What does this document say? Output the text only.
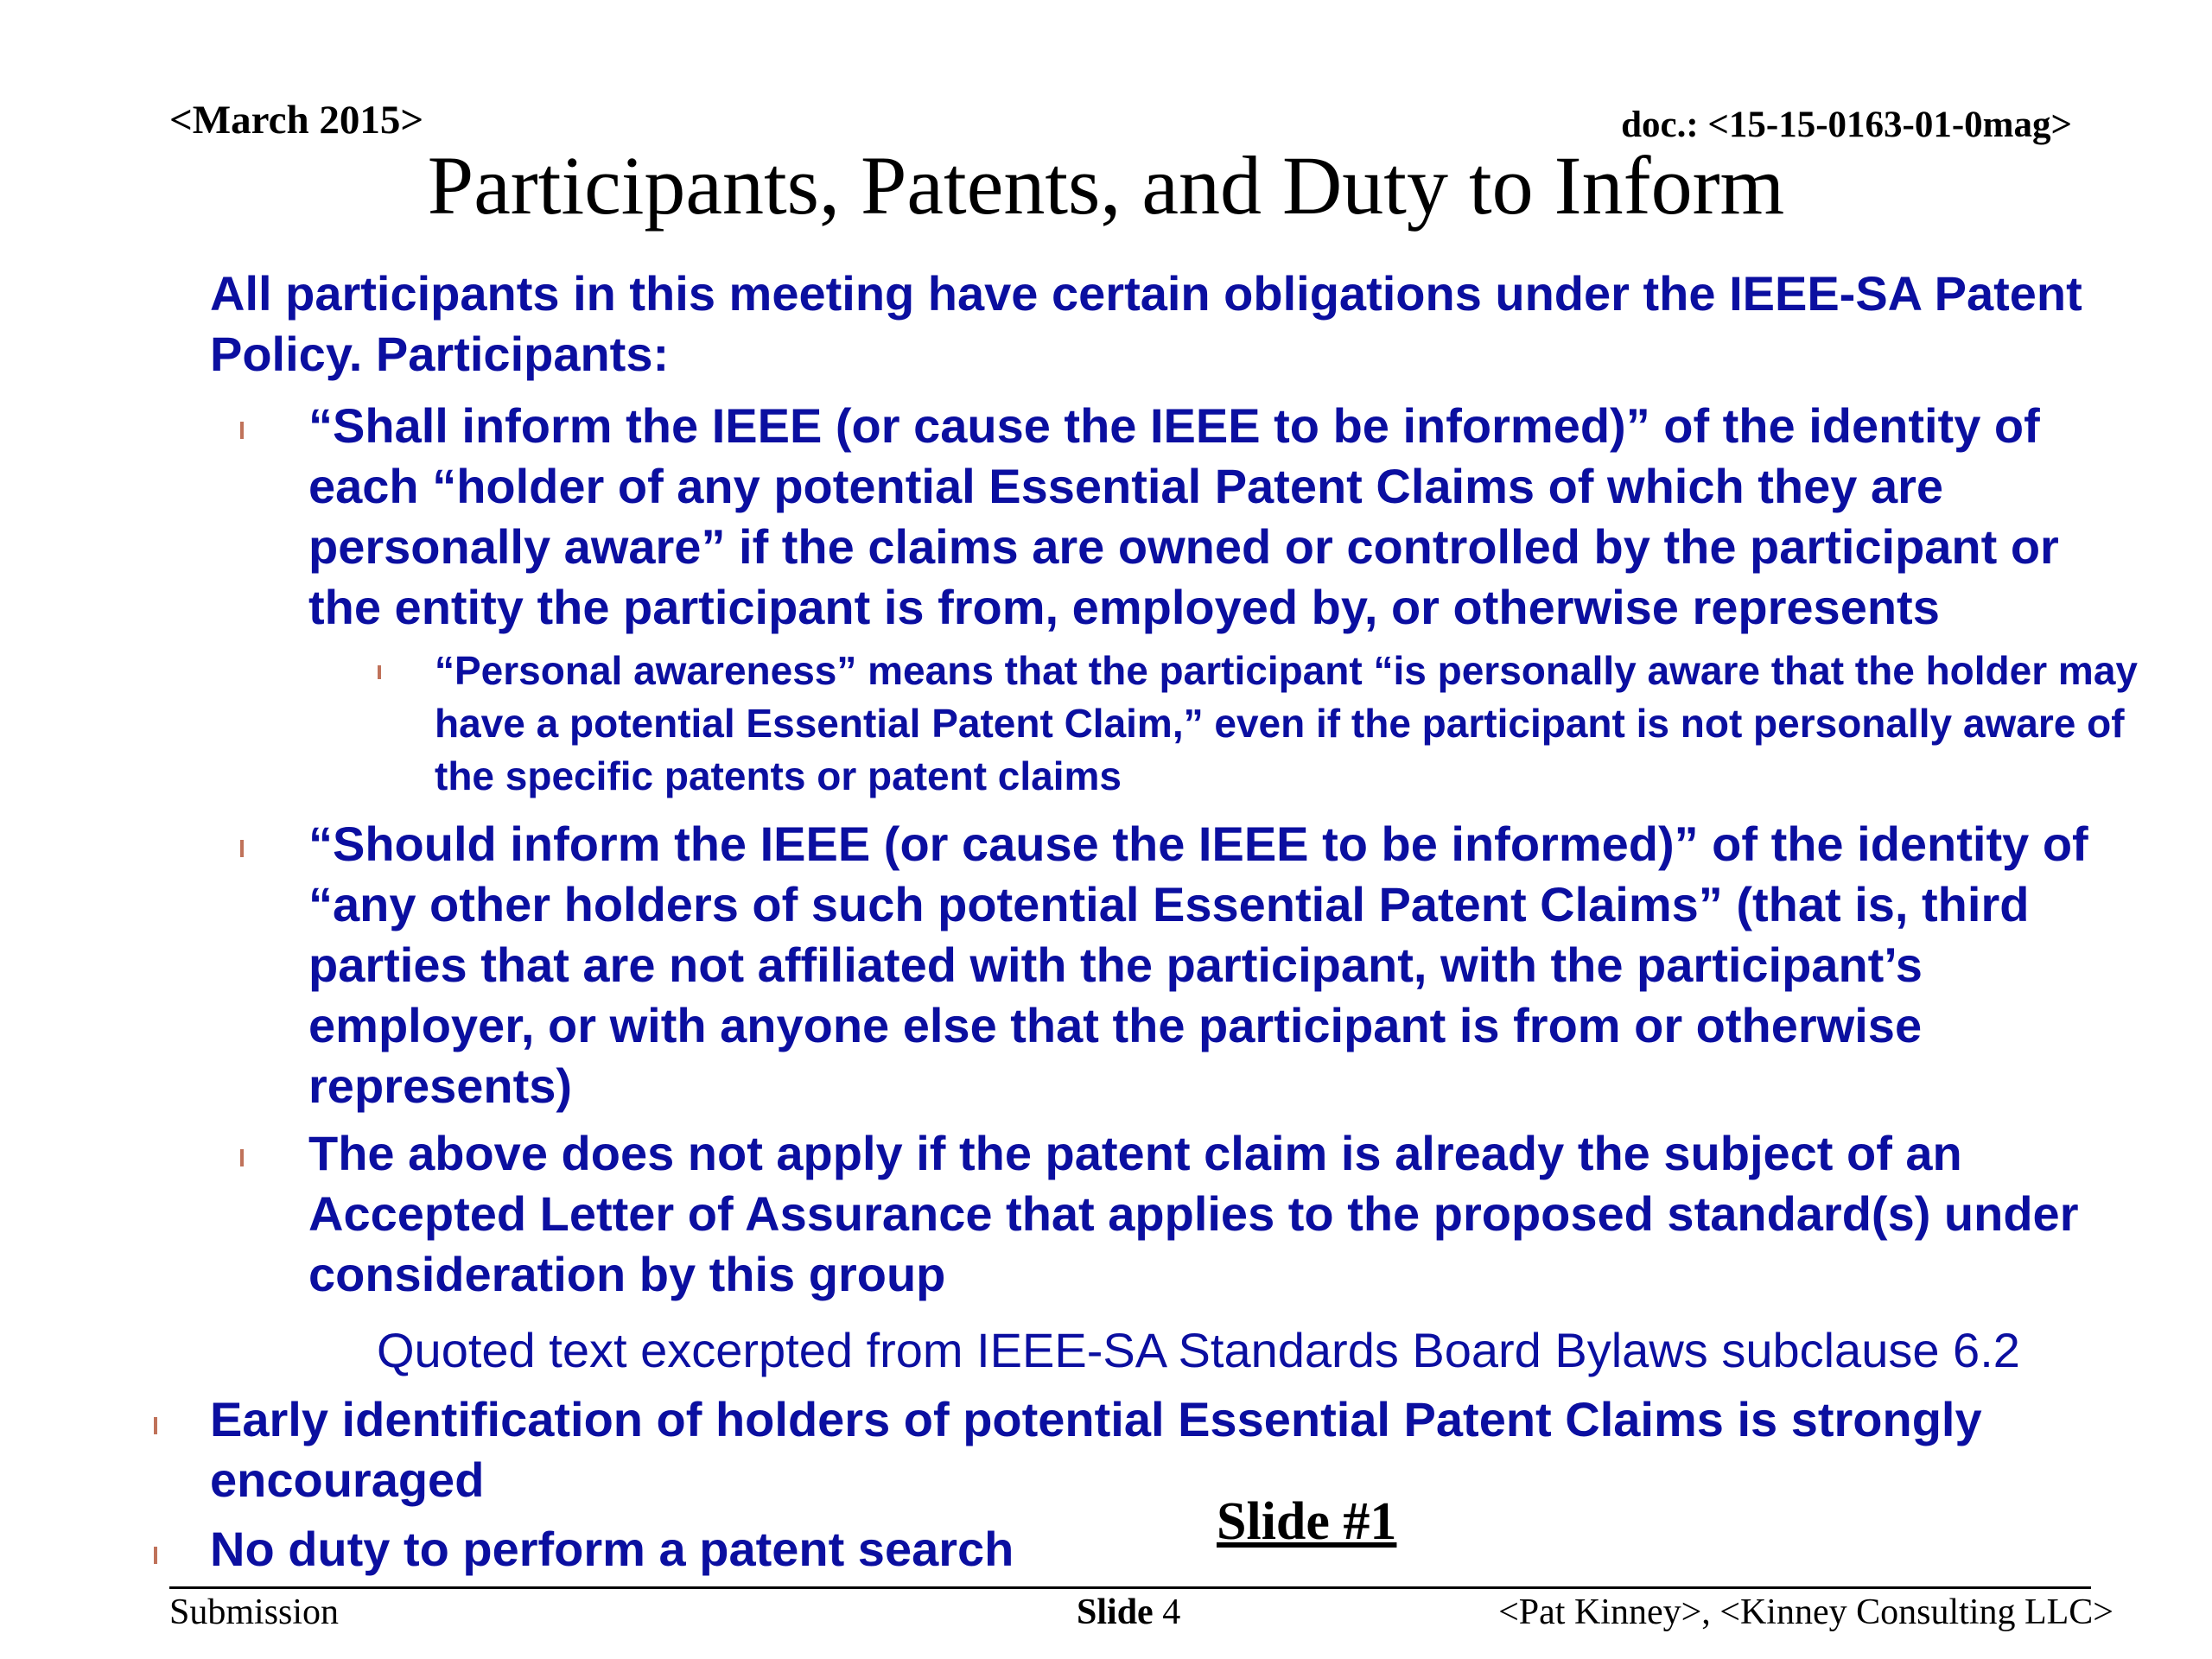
<March 2015>	doc.: <15-15-0163-01-0mag>
Participants, Patents, and Duty to Inform
All participants in this meeting have certain obligations under the IEEE-SA Patent Policy. Participants:
“Shall inform the IEEE (or cause the IEEE to be informed)” of the identity of each “holder of any potential Essential Patent Claims of which they are personally aware” if the claims are owned or controlled by the participant or the entity the participant is from, employed by, or otherwise represents
“Personal awareness” means that the participant “is personally aware that the holder may have a potential Essential Patent Claim,” even if the participant is not personally aware of the specific patents or patent claims
“Should inform the IEEE (or cause the IEEE to be informed)” of the identity of “any other holders of such potential Essential Patent Claims” (that is, third parties that are not affiliated with the participant, with the participant’s employer, or with anyone else that the participant is from or otherwise represents)
The above does not apply if the patent claim is already the subject of an Accepted Letter of Assurance that applies to the proposed standard(s) under consideration by this group
Quoted text excerpted from IEEE-SA Standards Board Bylaws subclause 6.2
Early identification of holders of potential Essential Patent Claims is strongly encouraged
No duty to perform a patent search	Slide #1
Submission	Slide 4	<Pat Kinney>, <Kinney Consulting LLC>
